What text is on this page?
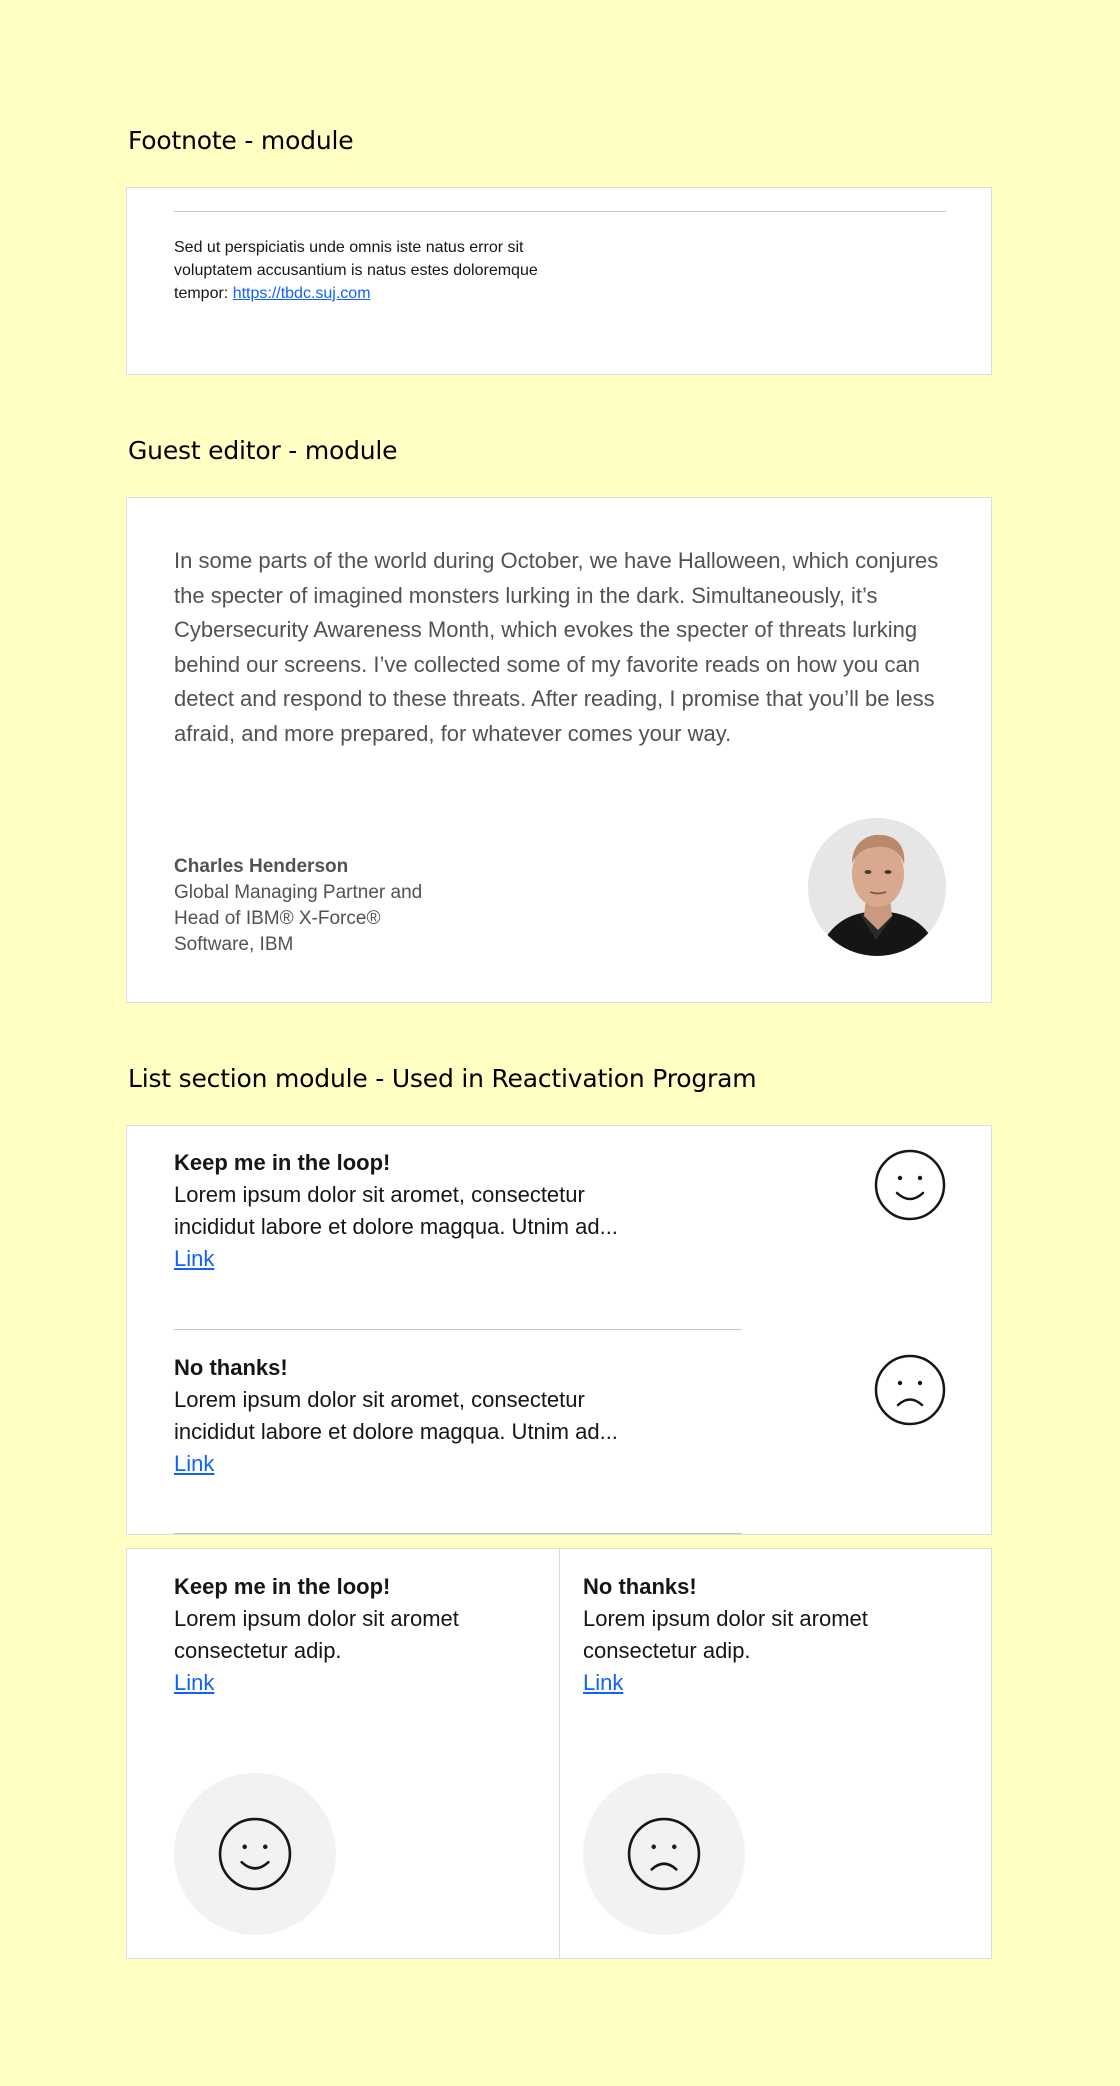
Footnote - module
Sed ut perspiciatis unde omnis iste natus error sit voluptatem accusantium is natus estes doloremque tempor: https://tbdc.suj.com
Guest editor - module
In some parts of the world during October, we have Halloween, which conjures the specter of imagined monsters lurking in the dark. Simultaneously, it’s Cybersecurity Awareness Month, which evokes the specter of threats lurking behind our screens. I’ve collected some of my favorite reads on how you can detect and respond to these threats. After reading, I promise that you’ll be less afraid, and more prepared, for whatever comes your way.
Charles Henderson
Global Managing Partner and
Head of IBM® X-Force®
Software, IBM
List section module - Used in Reactivation Program
Keep me in the loop!
Lorem ipsum dolor sit aromet, consectetur
incididut labore et dolore magqua. Utnim ad...
Link
No thanks!
Lorem ipsum dolor sit aromet, consectetur
incididut labore et dolore magqua. Utnim ad...
Link
Keep me in the loop!
Lorem ipsum dolor sit aromet
consectetur adip.
Link
No thanks!
Lorem ipsum dolor sit aromet
consectetur adip.
Link
